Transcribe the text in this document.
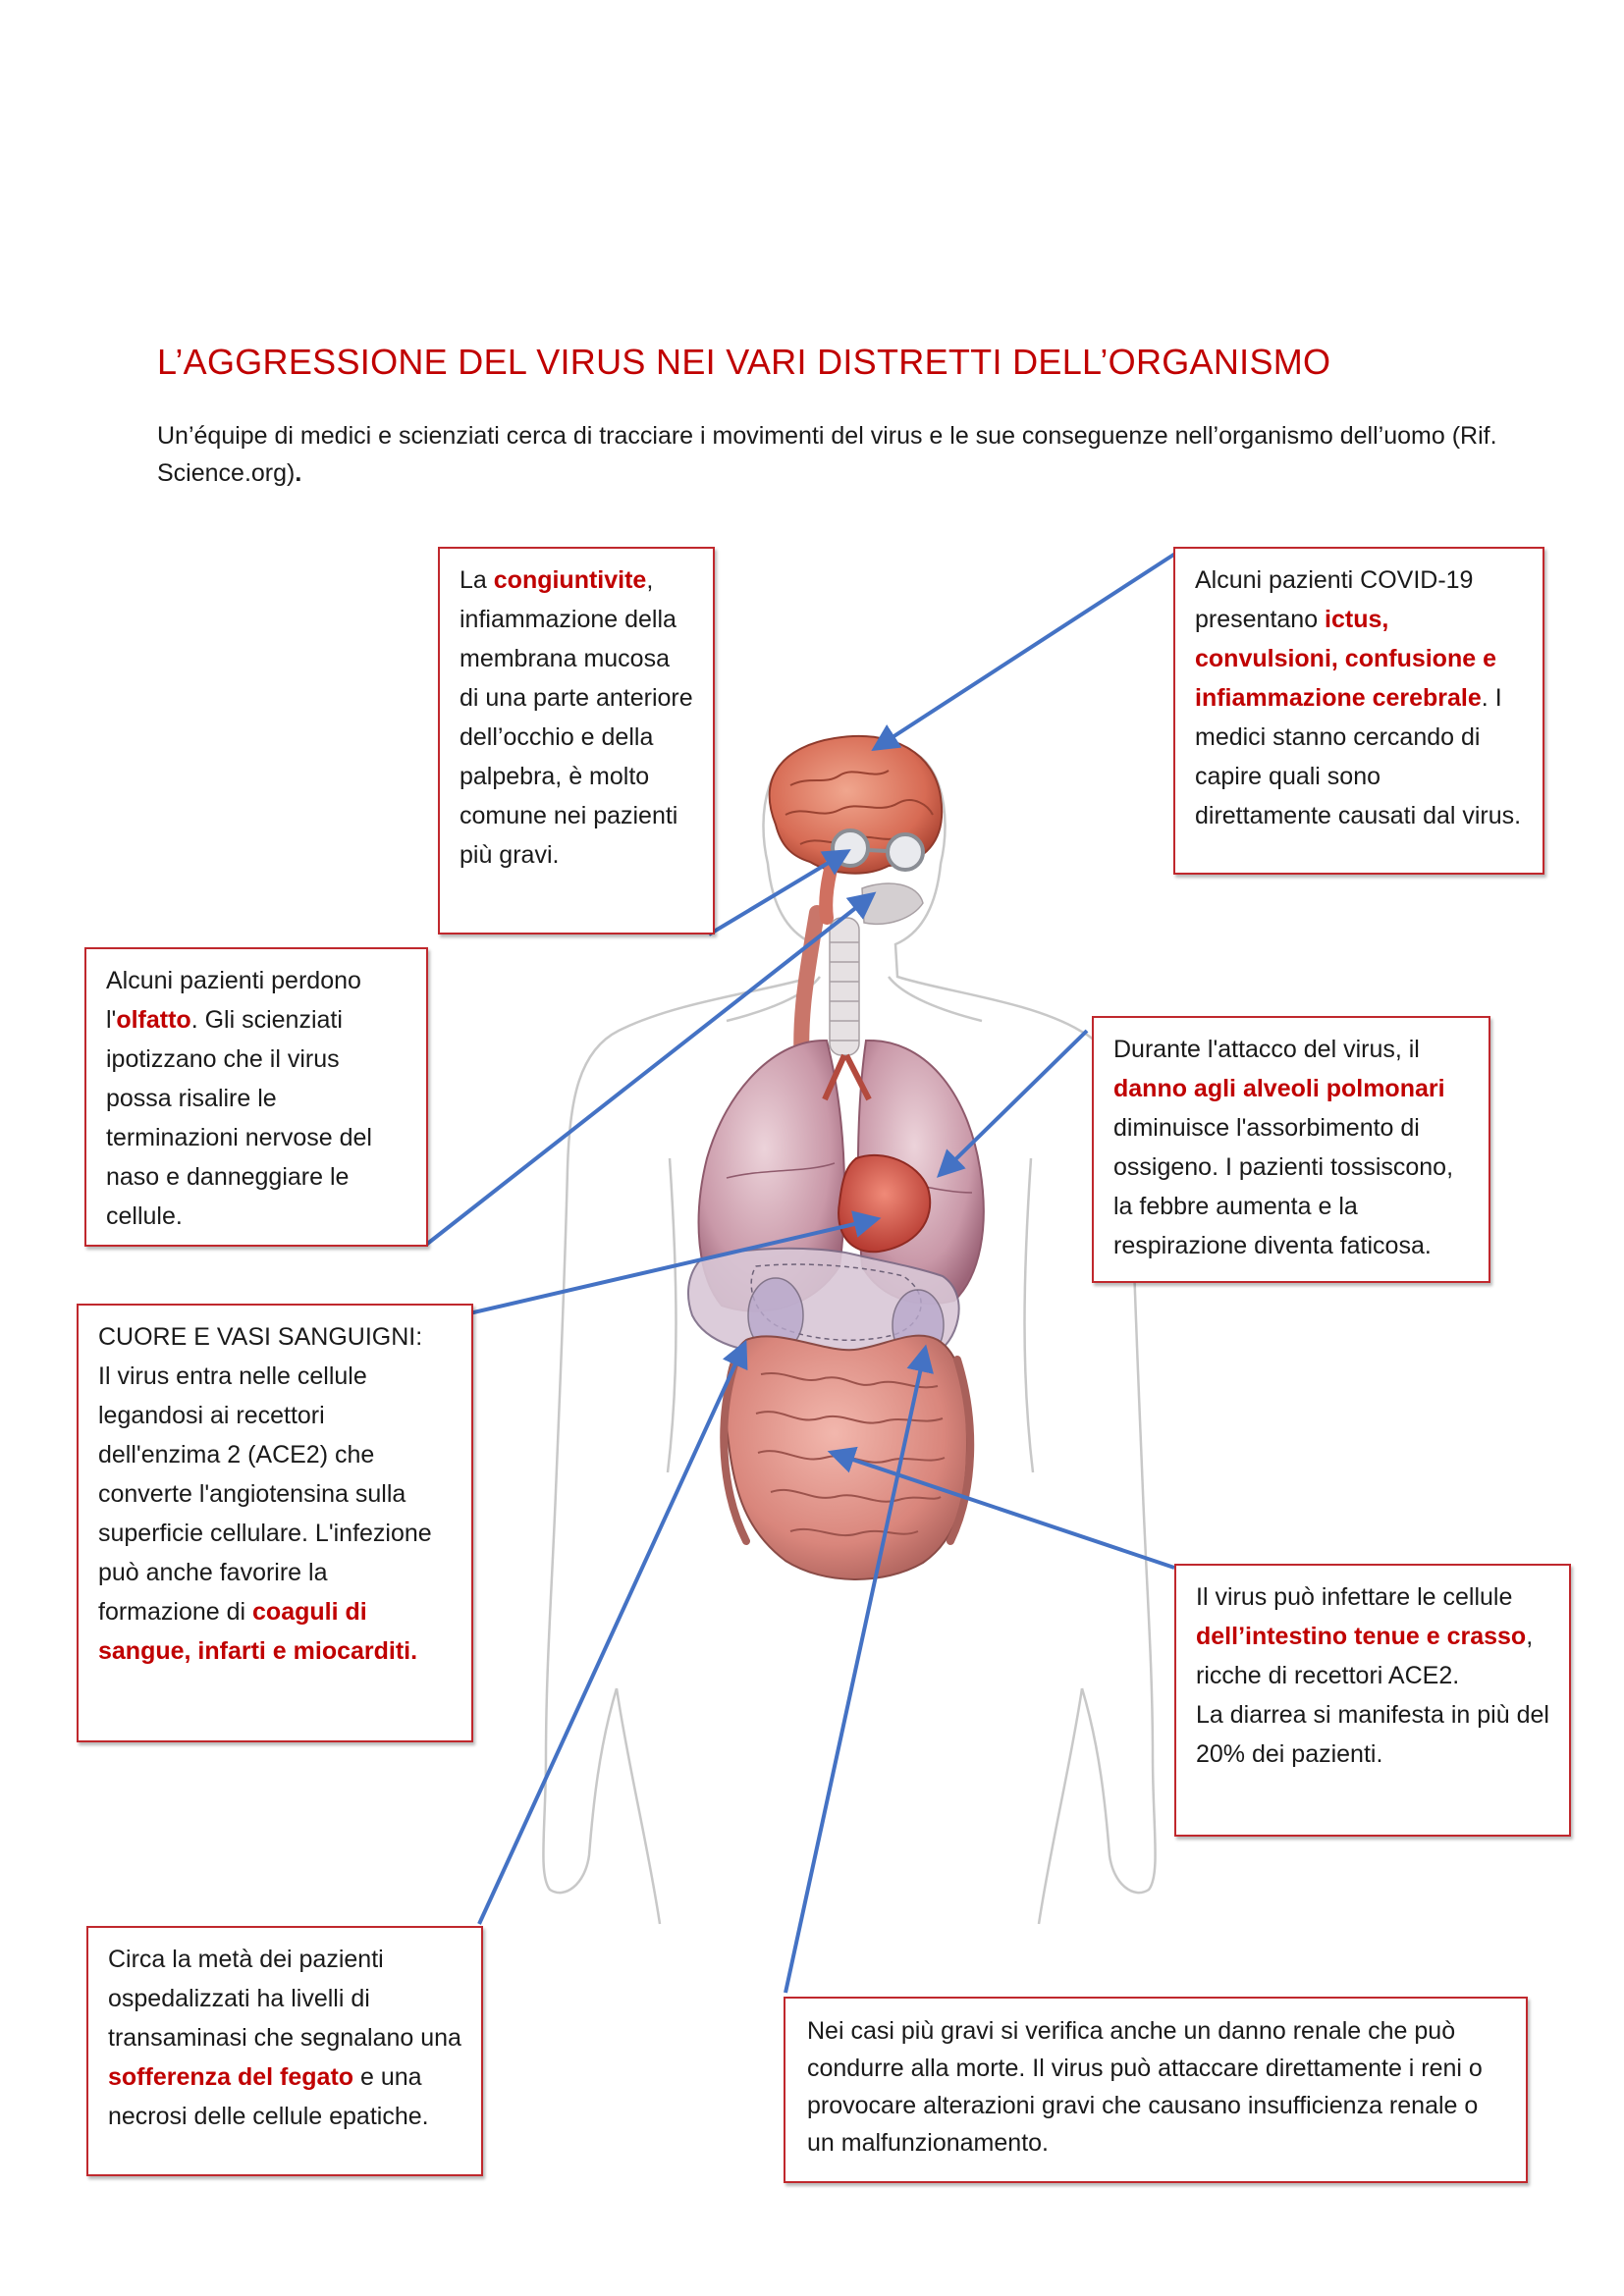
L’AGGRESSIONE DEL VIRUS NEI VARI DISTRETTI DELL’ORGANISMO

Un’équipe di medici e scienziati cerca di tracciare i movimenti del virus e le sue conseguenze nell’organismo dell’uomo (Rif. Science.org).

La congiuntivite, infiammazione della membrana mucosa di una parte anteriore dell’occhio e della palpebra, è molto comune nei pazienti più gravi.

Alcuni pazienti COVID-19 presentano ictus, convulsioni, confusione e infiammazione cerebrale. I medici stanno cercando di capire quali sono direttamente causati dal virus.

Alcuni pazienti perdono l'olfatto. Gli scienziati ipotizzano che il virus possa risalire le terminazioni nervose del naso e danneggiare le cellule.

Durante l'attacco del virus, il danno agli alveoli polmonari diminuisce l'assorbimento di ossigeno. I pazienti tossiscono, la febbre aumenta e la respirazione diventa faticosa.

CUORE E VASI SANGUIGNI:

Il virus entra nelle cellule legandosi ai recettori dell'enzima 2 (ACE2) che converte l'angiotensina sulla superficie cellulare. L'infezione può anche favorire la formazione di coaguli di sangue, infarti e miocarditi.

Il virus può infettare le cellule dell’intestino tenue e crasso, ricche di recettori ACE2.

La diarrea si manifesta in più del 20% dei pazienti.

Circa la metà dei pazienti ospedalizzati ha livelli di transaminasi che segnalano una sofferenza del fegato e una necrosi delle cellule epatiche.

Nei casi più gravi si verifica anche un danno renale che può condurre alla morte. Il virus può attaccare direttamente i reni o provocare alterazioni gravi che causano insufficienza renale o un malfunzionamento.
